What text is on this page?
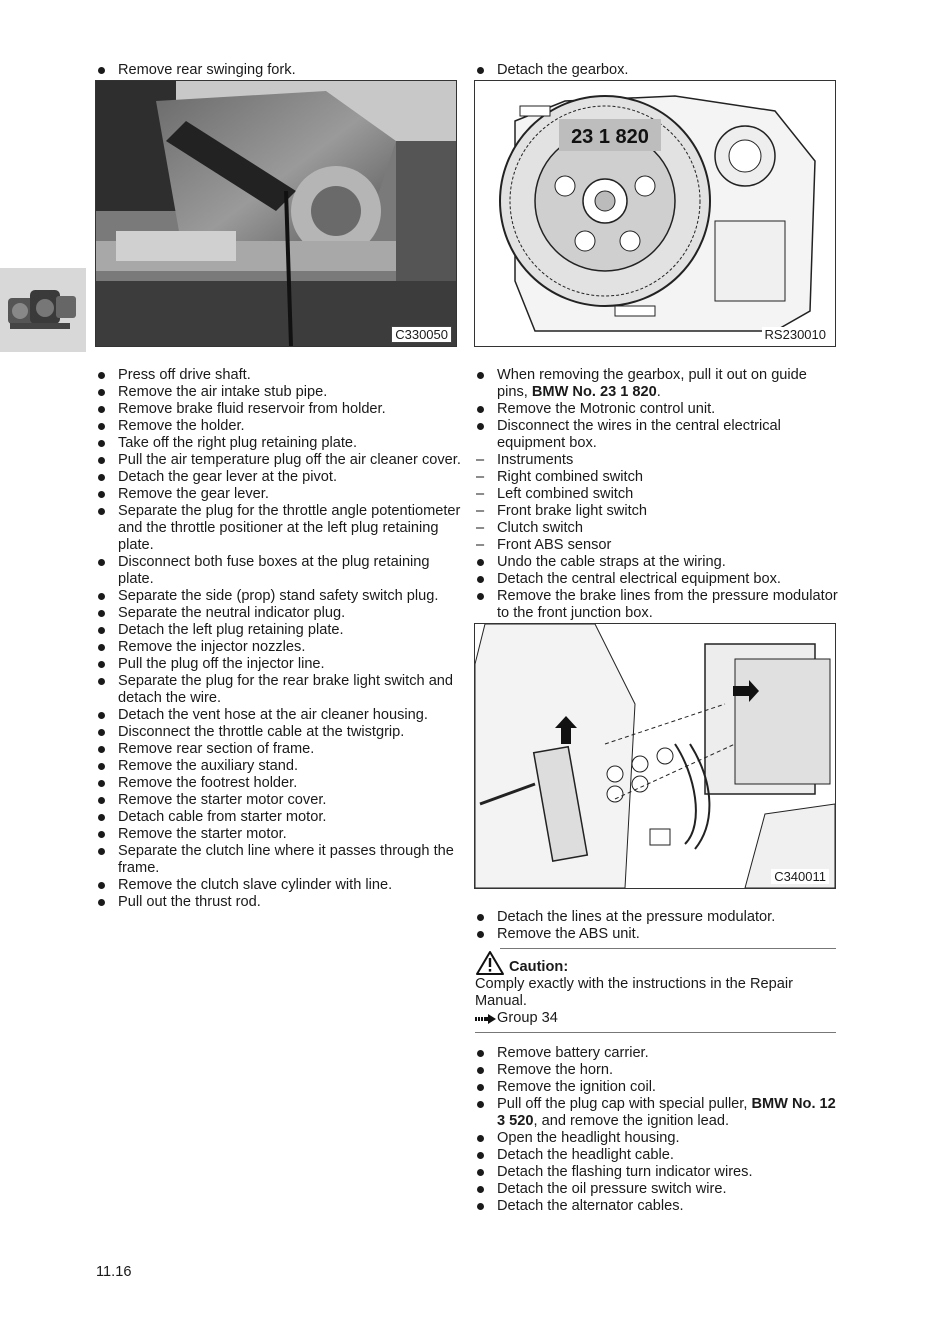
Remove rear swinging fork.
C330050
Press off drive shaft.
Remove the air intake stub pipe.
Remove brake fluid reservoir from holder.
Remove the holder.
Take off the right plug retaining plate.
Pull the air temperature plug off the air cleaner cover.
Detach the gear lever at the pivot.
Remove the gear lever.
Separate the plug for the throttle angle potentiometer and the throttle positioner at the left plug retaining plate.
Disconnect both fuse boxes at the plug retaining plate.
Separate the side (prop) stand safety switch plug.
Separate the neutral indicator plug.
Detach the left plug retaining plate.
Remove the injector nozzles.
Pull the plug off the injector line.
Separate the plug for the rear brake light switch and detach the wire.
Detach the vent hose at the air cleaner housing.
Disconnect the throttle cable at the twistgrip.
Remove rear section of frame.
Remove the auxiliary stand.
Remove the footrest holder.
Remove the starter motor cover.
Detach cable from starter motor.
Remove the starter motor.
Separate the clutch line where it passes through the frame.
Remove the clutch slave cylinder with line.
Pull out the thrust rod.
Detach the gearbox.
23 1 820
RS230010
When removing the gearbox, pull it out on guide pins, BMW No. 23 1 820.
Remove the Motronic control unit.
Disconnect the wires in the central electrical equipment box.
– Instruments
– Right combined switch
– Left combined switch
– Front brake light switch
– Clutch switch
– Front ABS sensor
Undo the cable straps at the wiring.
Detach the central electrical equipment box.
Remove the brake lines from the pressure modulator to the front junction box.
C340011
Detach the lines at the pressure modulator.
Remove the ABS unit.
Caution:
Comply exactly with the instructions in the Repair Manual.
Group 34
Remove battery carrier.
Remove the horn.
Remove the ignition coil.
Pull off the plug cap with special puller, BMW No. 12 3 520, and remove the ignition lead.
Open the headlight housing.
Detach the headlight cable.
Detach the flashing turn indicator wires.
Detach the oil pressure switch wire.
Detach the alternator cables.
11.16
